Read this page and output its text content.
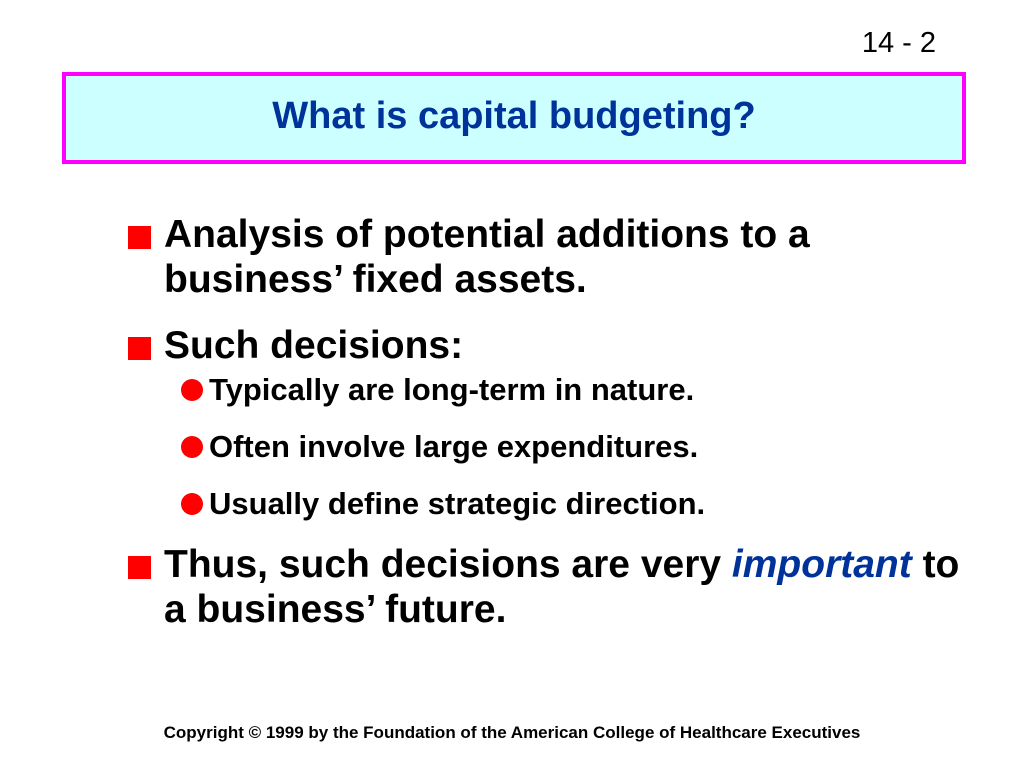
14 - 2
What is capital budgeting?
Analysis of potential additions to a business’ fixed assets.
Such decisions:
Typically are long-term in nature.
Often involve large expenditures.
Usually define strategic direction.
Thus, such decisions are very important to a business’ future.
Copyright © 1999 by the Foundation of the American College of Healthcare Executives
